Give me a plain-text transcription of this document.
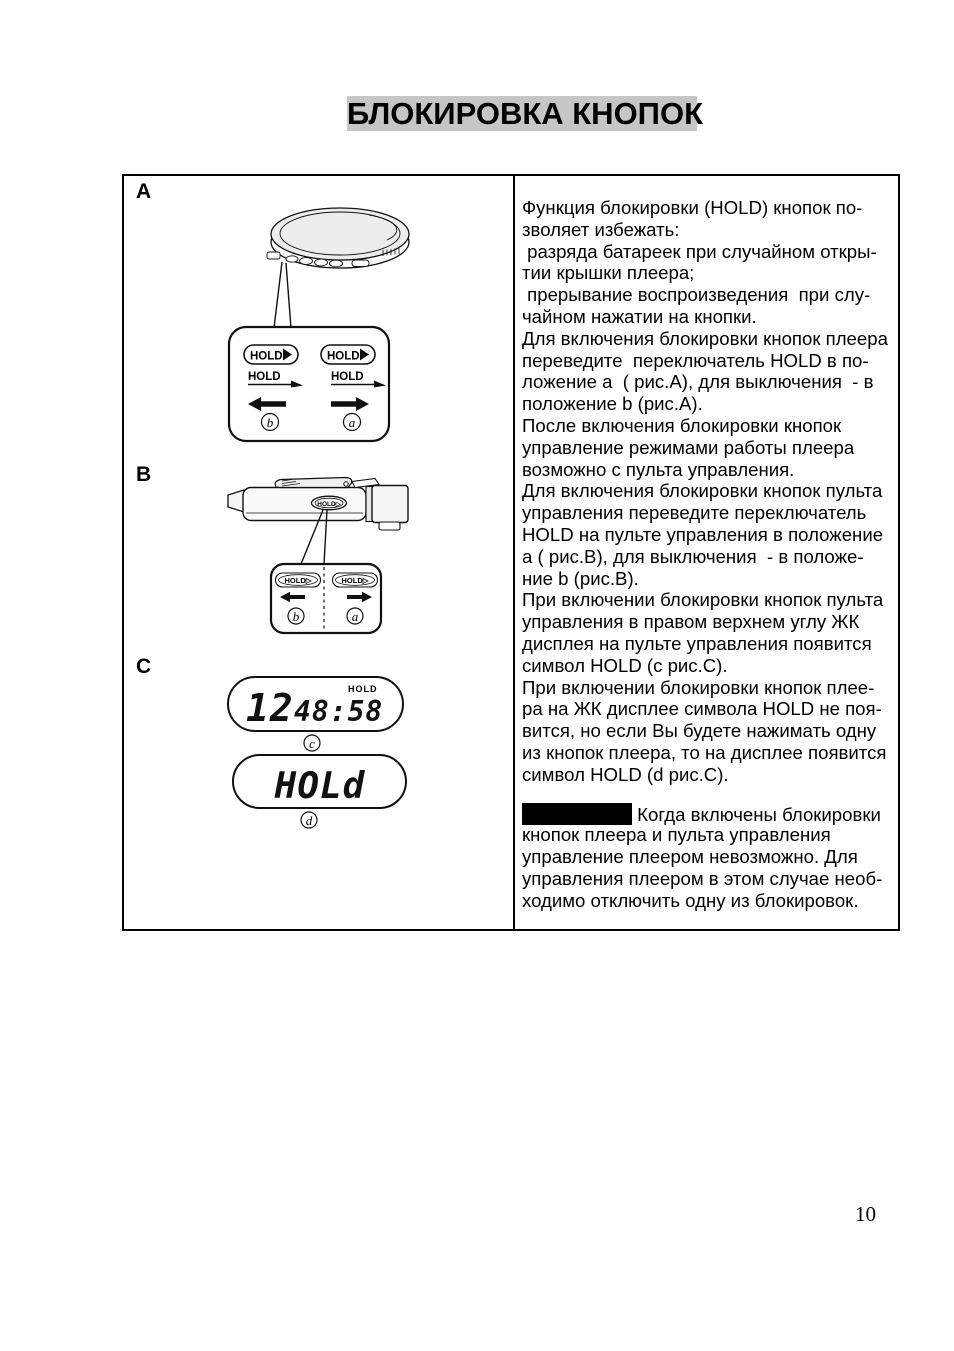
БЛОКИРОВКА КНОПОК
A
HOLD	HOLD
HOLD	HOLD
b	a
B
HOLD▷
HOLD▷	HOLD▷
b	a
C
HOLD
12 48:58
c
HOLd
d
Функция блокировки (HOLD) кнопок по-
зволяет избежать:
разряда батареек при случайном откры-
тии крышки плеера;
прерывание воспроизведения  при слу-
чайном нажатии на кнопки.
Для включения блокировки кнопок плеера
переведите  переключатель HOLD в по-
ложение a  ( рис.А), для выключения  - в
положение b (рис.А).
После включения блокировки кнопок
управление режимами работы плеера
возможно с пульта управления.
Для включения блокировки кнопок пульта
управления переведите переключатель
HOLD на пульте управления в положение
a ( рис.В), для выключения  - в положе-
ние b (рис.В).
При включении блокировки кнопок пульта
управления в правом верхнем углу ЖК
дисплея на пульте управления появится
символ HOLD (c рис.С).
При включении блокировки кнопок плее-
ра на ЖК дисплее символа HOLD не поя-
вится, но если Вы будете нажимать одну
из кнопок плеера, то на дисплее появится
символ HOLD (d рис.С).
Когда включены блокировки
кнопок плеера и пульта управления
управление плеером невозможно. Для
управления плеером в этом случае необ-
ходимо отключить одну из блокировок.
10
